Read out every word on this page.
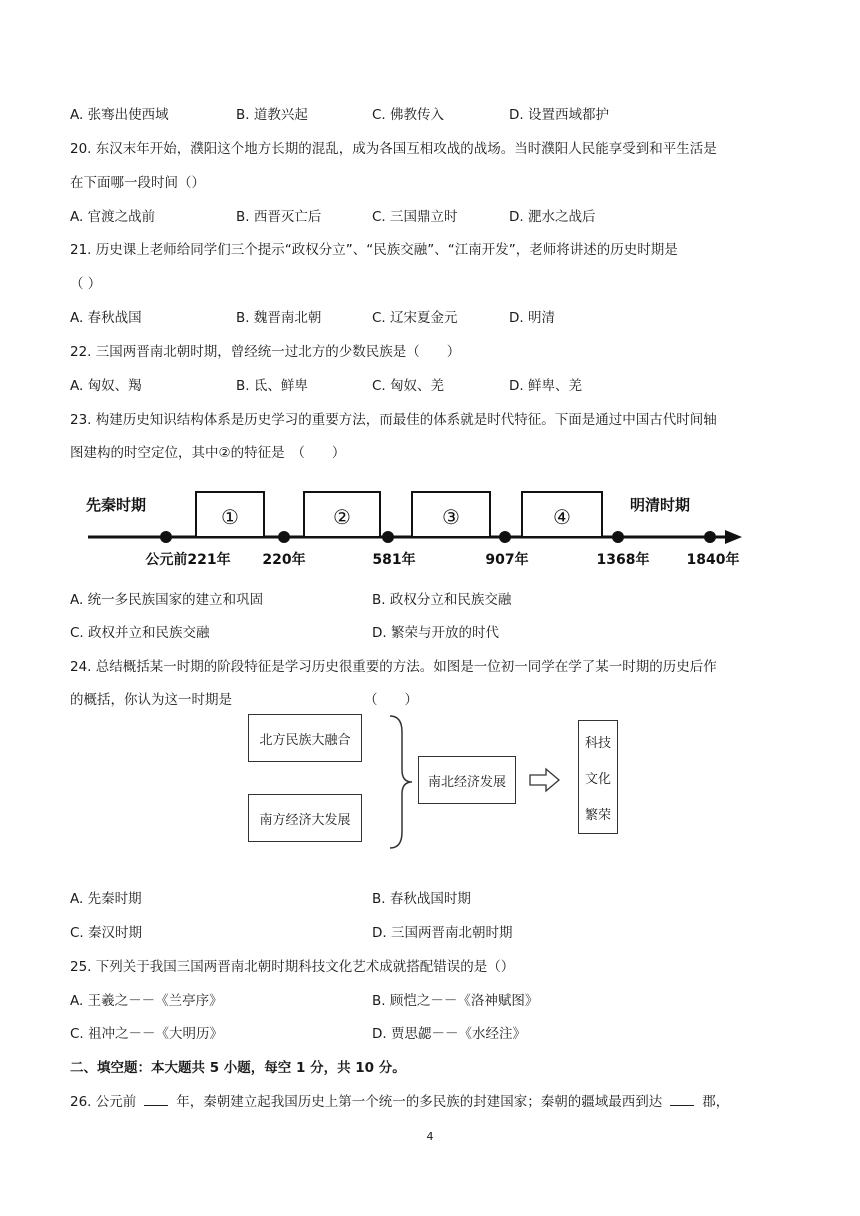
A. 张骞出使西域	B. 道教兴起	C. 佛教传入	D. 设置西域都护
20. 东汉末年开始，濮阳这个地方长期的混乱，成为各国互相攻战的战场。当时濮阳人民能享受到和平生活是
在下面哪一段时间（）
A. 官渡之战前	B. 西晋灭亡后	C. 三国鼎立时	D. 淝水之战后
21. 历史课上老师给同学们三个提示“政权分立”、“民族交融”、“江南开发”，老师将讲述的历史时期是
（ ）
A. 春秋战国	B. 魏晋南北朝	C. 辽宋夏金元	D. 明清
22. 三国两晋南北朝时期，曾经统一过北方的少数民族是（　　）
A. 匈奴、羯	B. 氐、鲜卑	C. 匈奴、羌	D. 鲜卑、羌
23. 构建历史知识结构体系是历史学习的重要方法，而最佳的体系就是时代特征。下面是通过中国古代时间轴
图建构的时空定位，其中②的特征是　（　　）
先秦时期	明清时期
①	②	③	④
公元前221年 220年	581年	907年	1368年	1840年
A. 统一多民族国家的建立和巩固	B. 政权分立和民族交融
C. 政权并立和民族交融	D. 繁荣与开放的时代
24. 总结概括某一时期的阶段特征是学习历史很重要的方法。如图是一位初一同学在学了某一时期的历史后作
的概括，你认为这一时期是	（　　）
北方民族大融合
南方经济大发展
南北经济发展
科技
文化
繁荣
A. 先秦时期	B. 春秋战国时期
C. 秦汉时期	D. 三国两晋南北朝时期
25. 下列关于我国三国两晋南北朝时期科技文化艺术成就搭配错误的是（）
A. 王羲之－－《兰亭序》	B. 顾恺之－－《洛神赋图》
C. 祖冲之－－《大明历》	D. 贾思勰－－《水经注》
二、填空题：本大题共 5 小题，每空 1 分，共 10 分。
26. 公元前	年，秦朝建立起我国历史上第一个统一的多民族的封建国家；秦朝的疆域最西到达	郡，
4
